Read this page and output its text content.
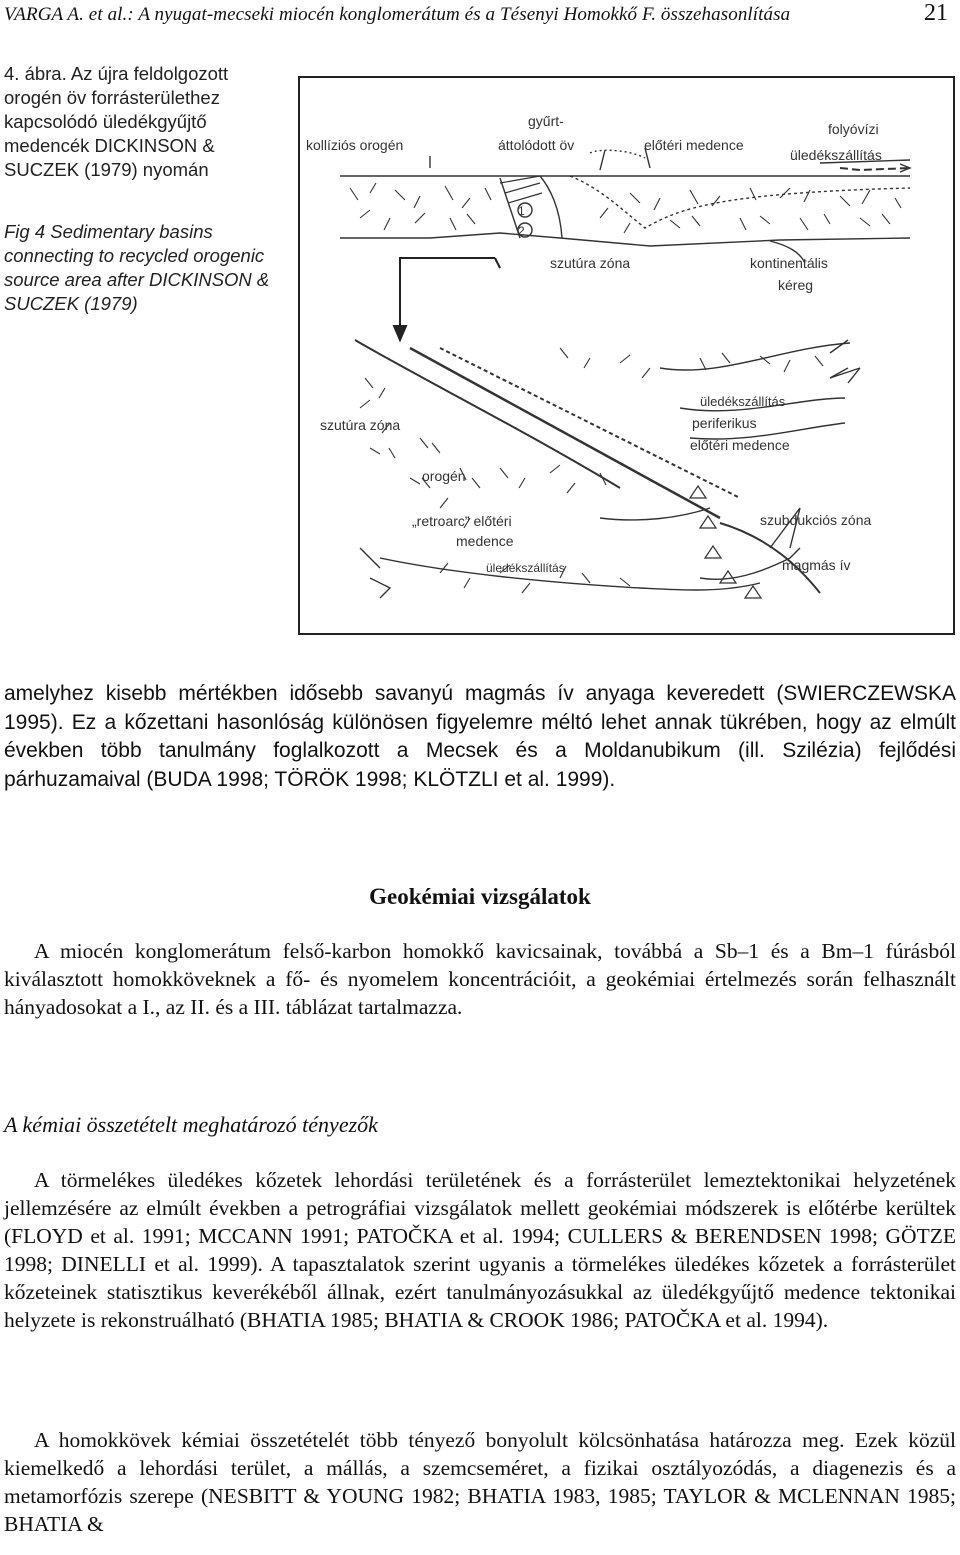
VARGA A. et al.: A nyugat-mecseki miocén konglomerátum és a Tésenyi Homokkő F. összehasonlítása	21

4. ábra. Az újra feldolgozott orogén öv forrásterülethez kapcsolódó üledékgyűjtő medencék DICKINSON & SUCZEK (1979) nyomán

Fig 4 Sedimentary basins connecting to recycled orogenic source area after DICKINSON & SUCZEK (1979)

kollíziós orogén
gyűrt-
áttolódott öv	előtéri medence
folyóvízi
üledékszállítás
1
2
szutúra zóna	kontinentális
kéreg
üledékszállítás
periferikus
előtéri medence
szutúra zóna
orogén
„retroarc” előtéri
medence
üledékszállítás
szubdukciós zóna
magmás ív
amelyhez kisebb mértékben idősebb savanyú magmás ív anyaga keveredett (SWIERCZEWSKA 1995). Ez a kőzettani hasonlóság különösen figyelemre méltó lehet annak tükrében, hogy az elmúlt években több tanulmány foglalkozott a Mecsek és a Moldanubikum (ill. Szilézia) fejlődési párhuzamaival (BUDA 1998; TÖRÖK 1998; KLÖTZLI et al. 1999).
Geokémiai vizsgálatok
A miocén konglomerátum felső-karbon homokkő kavicsainak, továbbá a Sb–1 és a Bm–1 fúrásból kiválasztott homokköveknek a fő- és nyomelem koncentrációit, a geokémiai értelmezés során felhasznált hányadosokat a I., az II. és a III. táblázat tartalmazza.
A kémiai összetételt meghatározó tényezők
A törmelékes üledékes kőzetek lehordási területének és a forrásterület lemeztektonikai helyzetének jellemzésére az elmúlt években a petrográfiai vizsgálatok mellett geokémiai módszerek is előtérbe kerültek (FLOYD et al. 1991; MCCANN 1991; PATOČKA et al. 1994; CULLERS & BERENDSEN 1998; GÖTZE 1998; DINELLI et al. 1999). A tapasztalatok szerint ugyanis a törmelékes üledékes kőzetek a forrásterület kőzeteinek statisztikus keverékéből állnak, ezért tanulmányozásukkal az üledékgyűjtő medence tektonikai helyzete is rekonstruálható (BHATIA 1985; BHATIA & CROOK 1986; PATOČKA et al. 1994).
A homokkövek kémiai összetételét több tényező bonyolult kölcsönhatása határozza meg. Ezek közül kiemelkedő a lehordási terület, a mállás, a szemcseméret, a fizikai osztályozódás, a diagenezis és a metamorfózis szerepe (NESBITT & YOUNG 1982; BHATIA 1983, 1985; TAYLOR & MCLENNAN 1985; BHATIA &
